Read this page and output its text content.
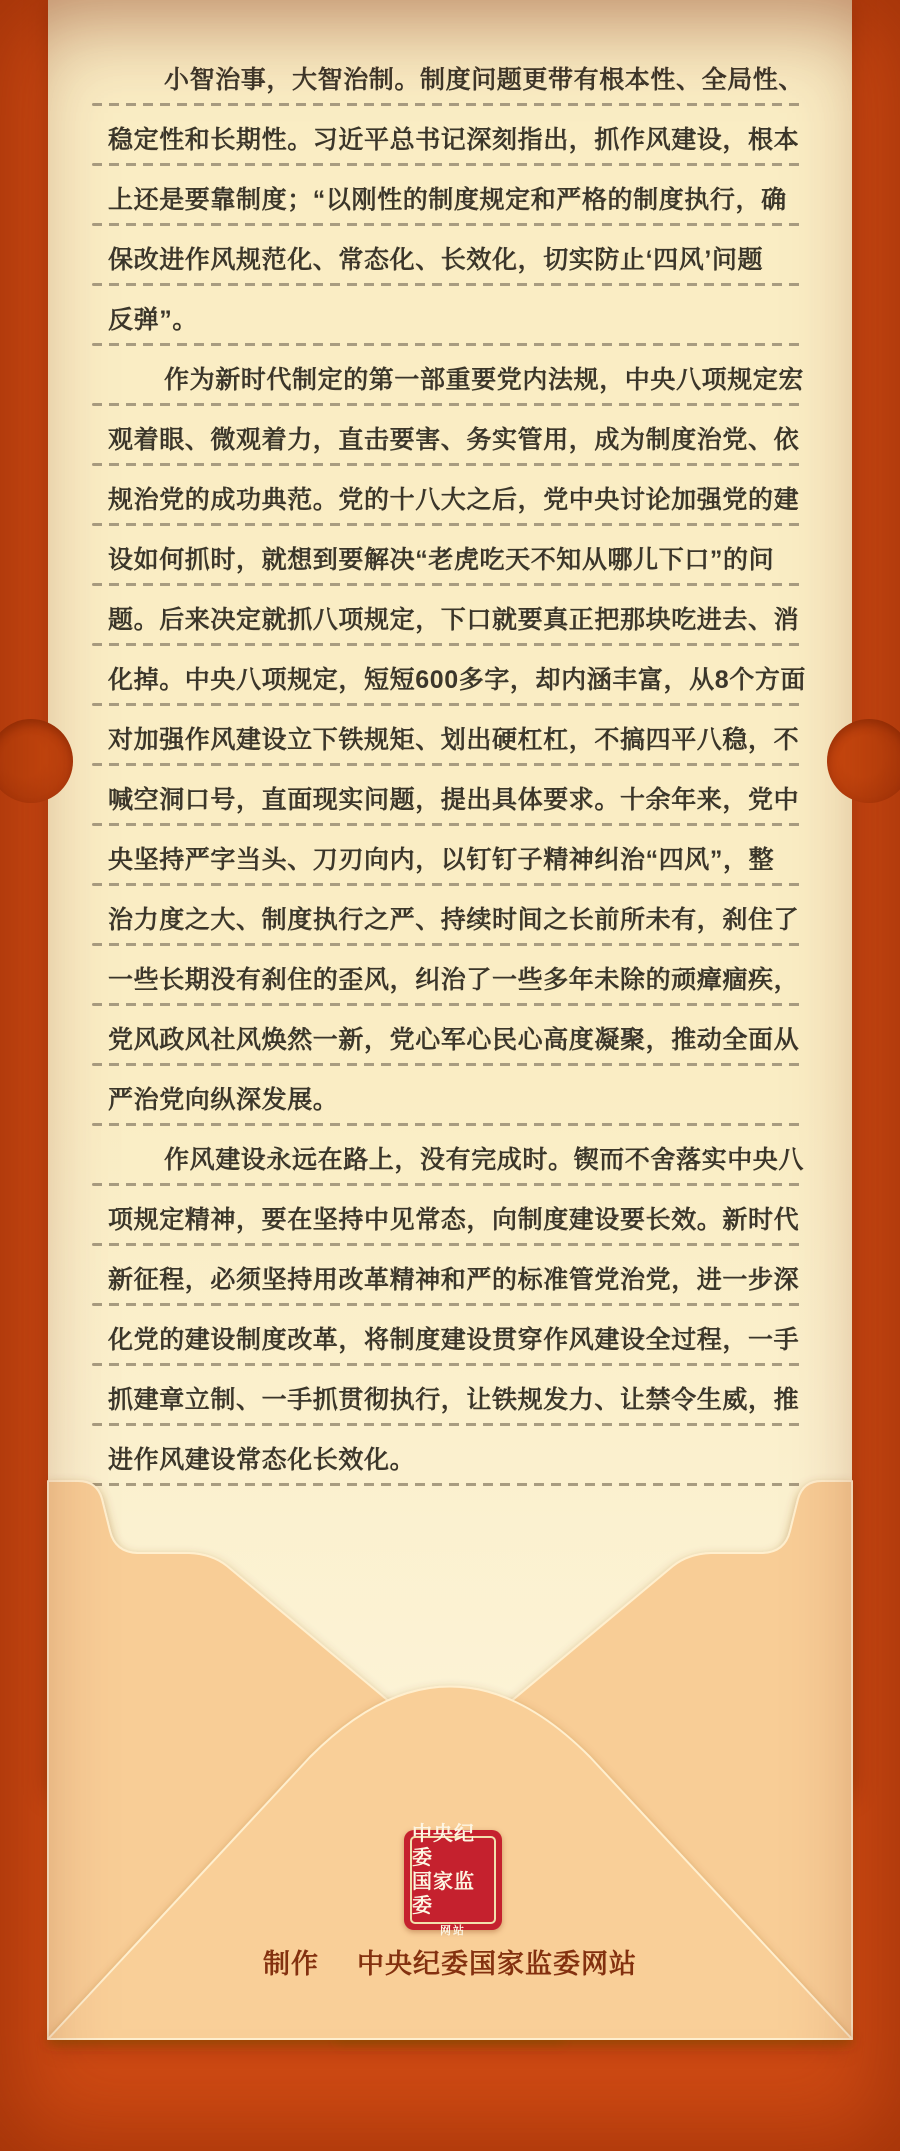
小智治事，大智治制。制度问题更带有根本性、全局性、
稳定性和长期性。习近平总书记深刻指出，抓作风建设，根本
上还是要靠制度；“以刚性的制度规定和严格的制度执行，确
保改进作风规范化、常态化、长效化，切实防止‘四风’问题
反弹”。
作为新时代制定的第一部重要党内法规，中央八项规定宏
观着眼、微观着力，直击要害、务实管用，成为制度治党、依
规治党的成功典范。党的十八大之后，党中央讨论加强党的建
设如何抓时，就想到要解决“老虎吃天不知从哪儿下口”的问
题。后来决定就抓八项规定，下口就要真正把那块吃进去、消
化掉。中央八项规定，短短600多字，却内涵丰富，从8个方面
对加强作风建设立下铁规矩、划出硬杠杠，不搞四平八稳，不
喊空洞口号，直面现实问题，提出具体要求。十余年来，党中
央坚持严字当头、刀刃向内，以钉钉子精神纠治“四风”，整
治力度之大、制度执行之严、持续时间之长前所未有，刹住了
一些长期没有刹住的歪风，纠治了一些多年未除的顽瘴痼疾，
党风政风社风焕然一新，党心军心民心高度凝聚，推动全面从
严治党向纵深发展。
作风建设永远在路上，没有完成时。锲而不舍落实中央八
项规定精神，要在坚持中见常态，向制度建设要长效。新时代
新征程，必须坚持用改革精神和严的标准管党治党，进一步深
化党的建设制度改革，将制度建设贯穿作风建设全过程，一手
抓建章立制、一手抓贯彻执行，让铁规发力、让禁令生威，推
进作风建设常态化长效化。
中央纪委
国家监委
网站
制作 中央纪委国家监委网站
